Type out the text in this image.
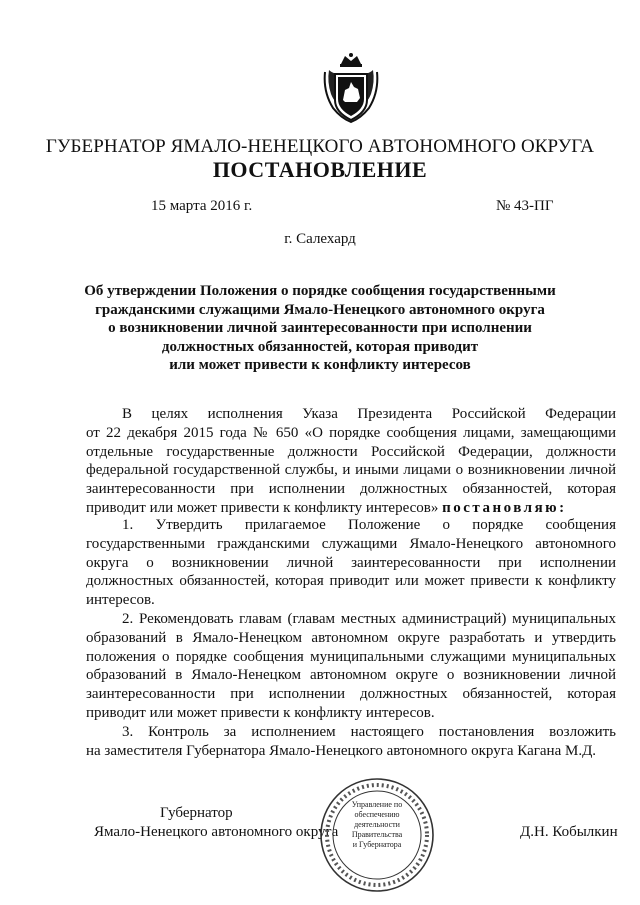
ГУБЕРНАТОР ЯМАЛО-НЕНЕЦКОГО АВТОНОМНОГО ОКРУГА
ПОСТАНОВЛЕНИЕ
15 марта 2016 г.	№ 43-ПГ
г. Салехард
Об утверждении Положения о порядке сообщения государственными
гражданскими служащими Ямало-Ненецкого автономного округа
о возникновении личной заинтересованности при исполнении
должностных обязанностей, которая приводит
или может привести к конфликту интересов
В целях исполнения Указа Президента Российской Федерации
от 22 декабря 2015 года № 650 «О порядке сообщения лицами, замещающими
отдельные государственные должности Российской Федерации, должности
федеральной государственной службы, и иными лицами о возникновении личной
заинтересованности при исполнении должностных обязанностей, которая
приводит или может привести к конфликту интересов» постановляю:
1. Утвердить прилагаемое Положение о порядке сообщения
государственными гражданскими служащими Ямало-Ненецкого автономного
округа о возникновении личной заинтересованности при исполнении
должностных обязанностей, которая приводит или может привести к конфликту
интересов.
2. Рекомендовать главам (главам местных администраций) муниципальных
образований в Ямало-Ненецком автономном округе разработать и утвердить
положения о порядке сообщения муниципальными служащими муниципальных
образований в Ямало-Ненецком автономном округе о возникновении личной
заинтересованности при исполнении должностных обязанностей, которая
приводит или может привести к конфликту интересов.
3. Контроль за исполнением настоящего постановления возложить
на заместителя Губернатора Ямало-Ненецкого автономного округа Кагана М.Д.
Губернатор
Ямало-Ненецкого автономного округа	Д.Н. Кобылкин
Управление по
обеспечению
деятельности
Правительства
и Губернатора
